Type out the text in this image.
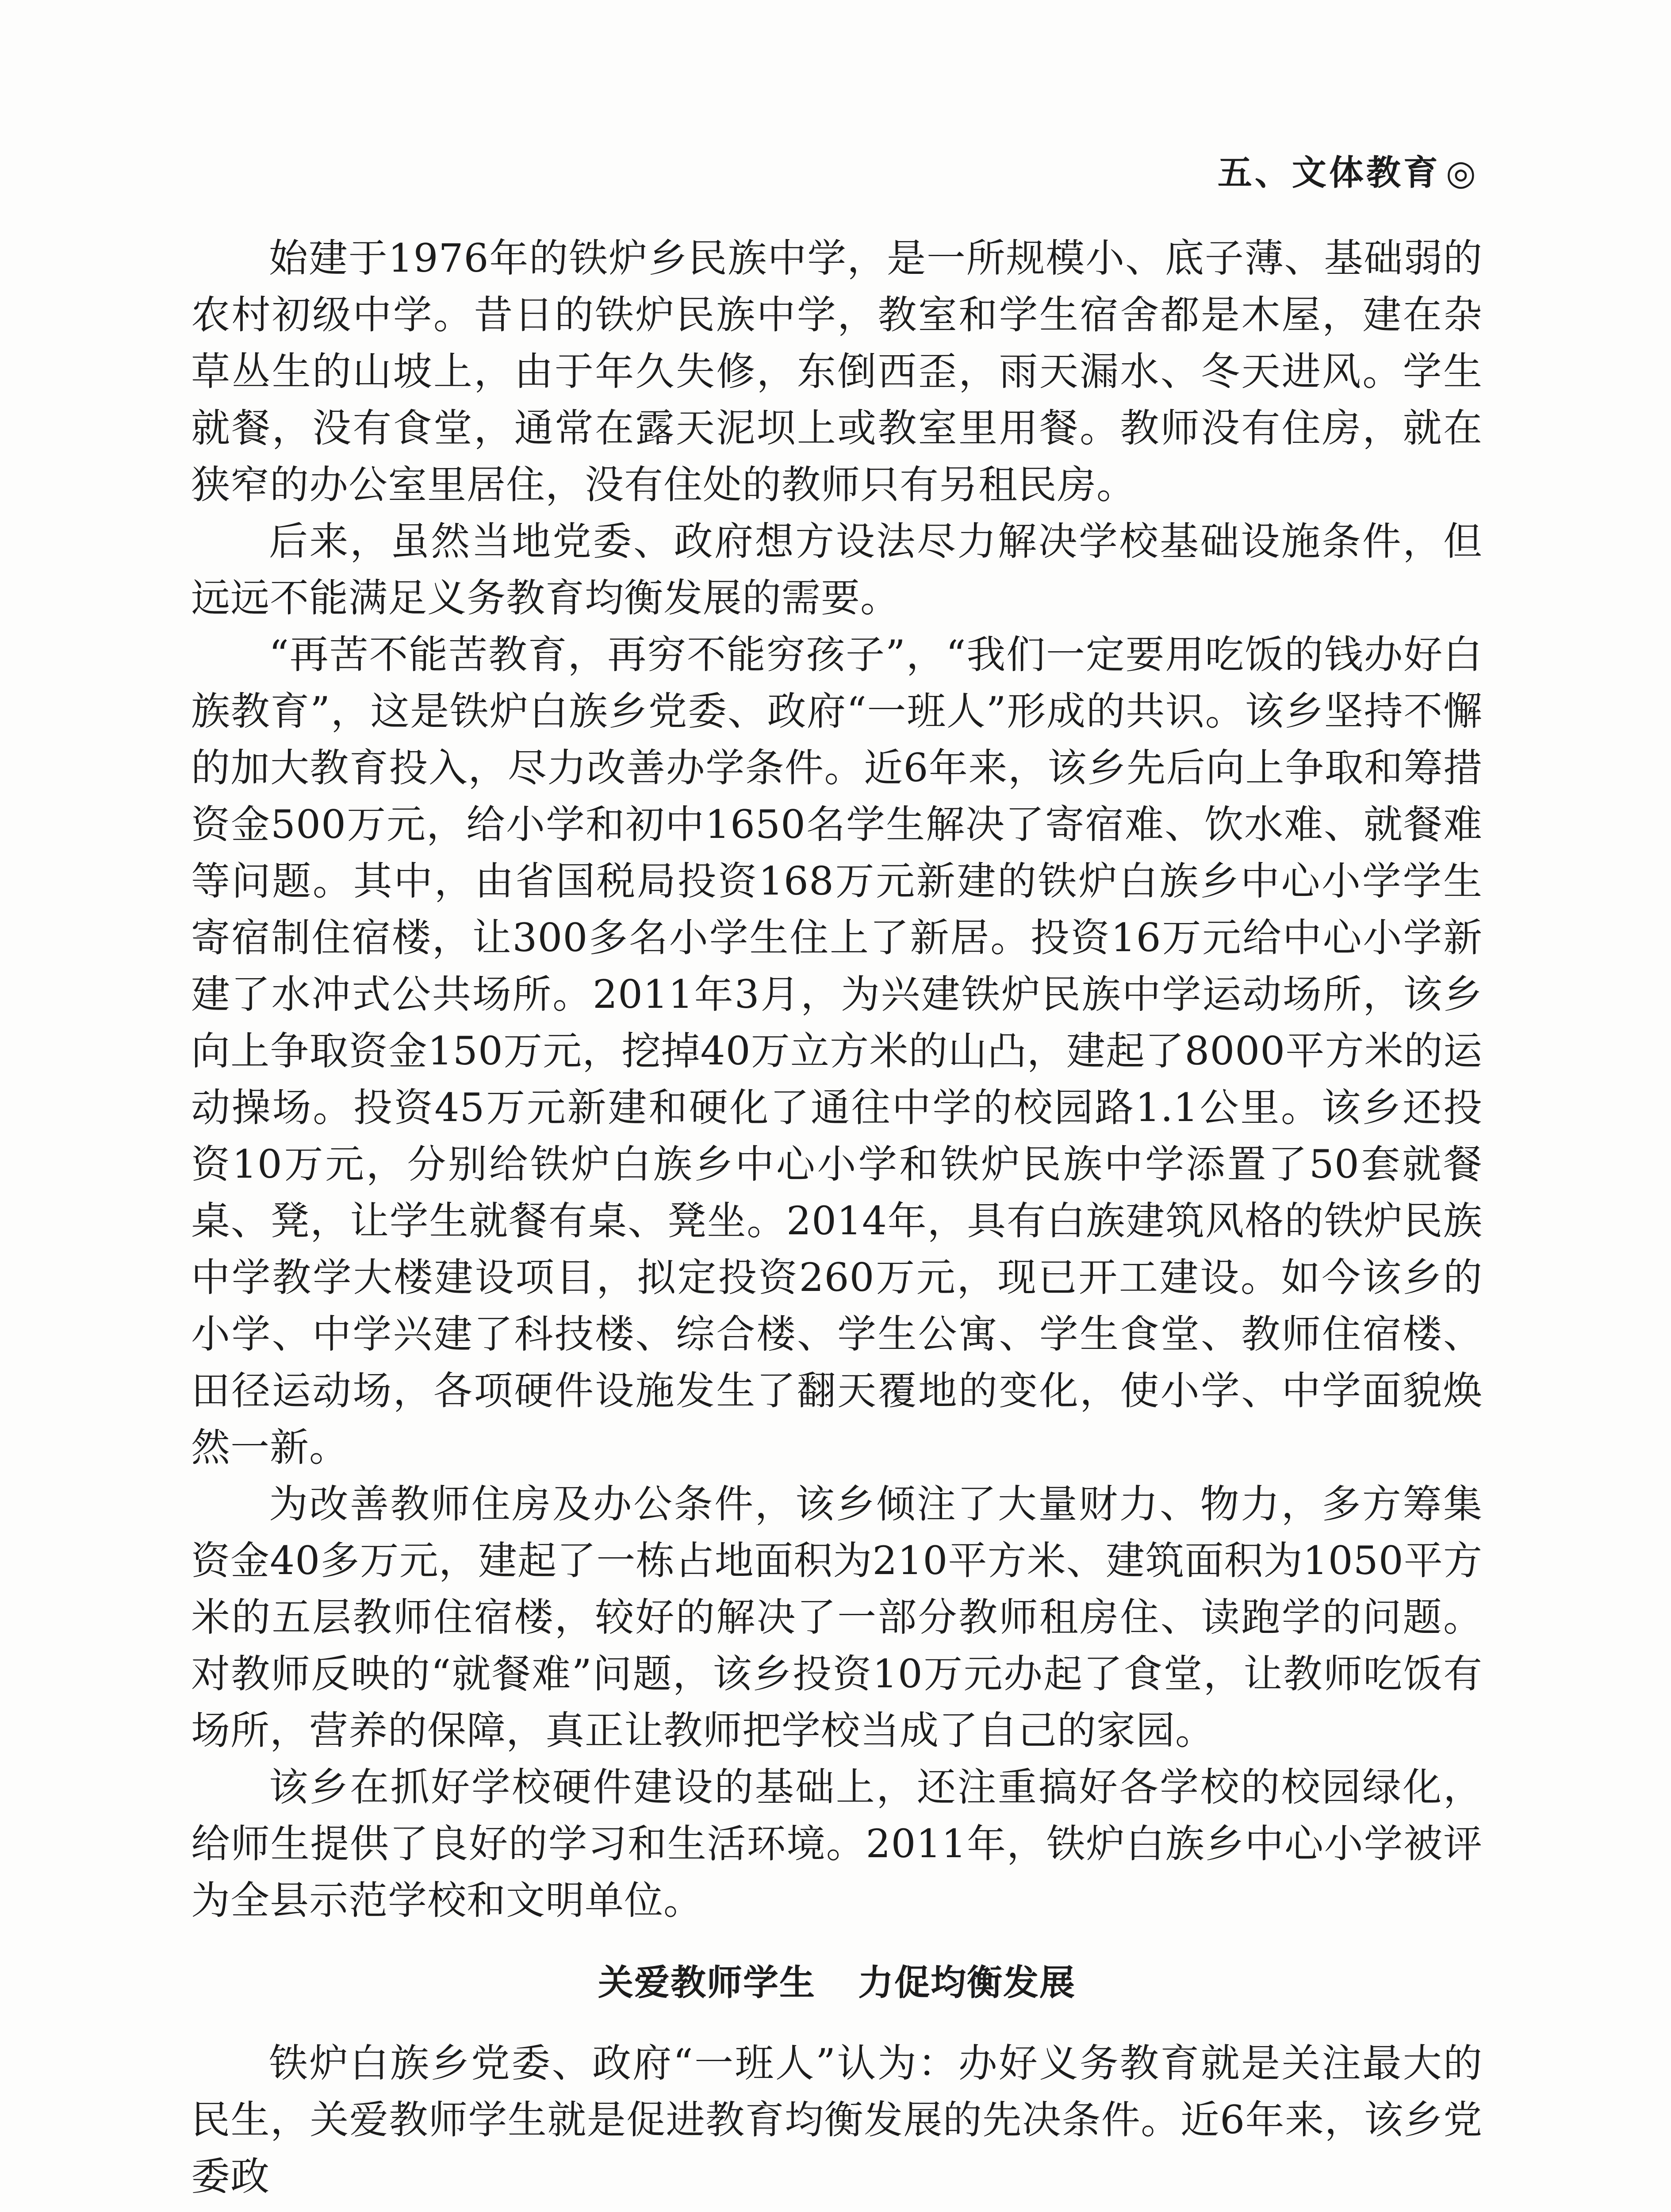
五、文体教育 ◎

始建于1976年的铁炉乡民族中学，是一所规模小、底子薄、基础弱的农村初级中学。昔日的铁炉民族中学，教室和学生宿舍都是木屋，建在杂草丛生的山坡上，由于年久失修，东倒西歪，雨天漏水、冬天进风。学生就餐，没有食堂，通常在露天泥坝上或教室里用餐。教师没有住房，就在狭窄的办公室里居住，没有住处的教师只有另租民房。

后来，虽然当地党委、政府想方设法尽力解决学校基础设施条件，但远远不能满足义务教育均衡发展的需要。

“再苦不能苦教育，再穷不能穷孩子”，“我们一定要用吃饭的钱办好白族教育”，这是铁炉白族乡党委、政府“一班人”形成的共识。该乡坚持不懈的加大教育投入，尽力改善办学条件。近6年来，该乡先后向上争取和筹措资金500万元，给小学和初中1650名学生解决了寄宿难、饮水难、就餐难等问题。其中，由省国税局投资168万元新建的铁炉白族乡中心小学学生寄宿制住宿楼，让300多名小学生住上了新居。投资16万元给中心小学新建了水冲式公共场所。2011年3月，为兴建铁炉民族中学运动场所，该乡向上争取资金150万元，挖掉40万立方米的山凸，建起了8000平方米的运动操场。投资45万元新建和硬化了通往中学的校园路1.1公里。该乡还投资10万元，分别给铁炉白族乡中心小学和铁炉民族中学添置了50套就餐桌、凳，让学生就餐有桌、凳坐。2014年，具有白族建筑风格的铁炉民族中学教学大楼建设项目，拟定投资260万元，现已开工建设。如今该乡的小学、中学兴建了科技楼、综合楼、学生公寓、学生食堂、教师住宿楼、田径运动场，各项硬件设施发生了翻天覆地的变化，使小学、中学面貌焕然一新。

为改善教师住房及办公条件，该乡倾注了大量财力、物力，多方筹集资金40多万元，建起了一栋占地面积为210平方米、建筑面积为1050平方米的五层教师住宿楼，较好的解决了一部分教师租房住、读跑学的问题。对教师反映的“就餐难”问题，该乡投资10万元办起了食堂，让教师吃饭有场所，营养的保障，真正让教师把学校当成了自己的家园。

该乡在抓好学校硬件建设的基础上，还注重搞好各学校的校园绿化，给师生提供了良好的学习和生活环境。2011年，铁炉白族乡中心小学被评为全县示范学校和文明单位。

关爱教师学生 力促均衡发展

铁炉白族乡党委、政府“一班人”认为：办好义务教育就是关注最大的民生，关爱教师学生就是促进教育均衡发展的先决条件。近6年来，该乡党委政
